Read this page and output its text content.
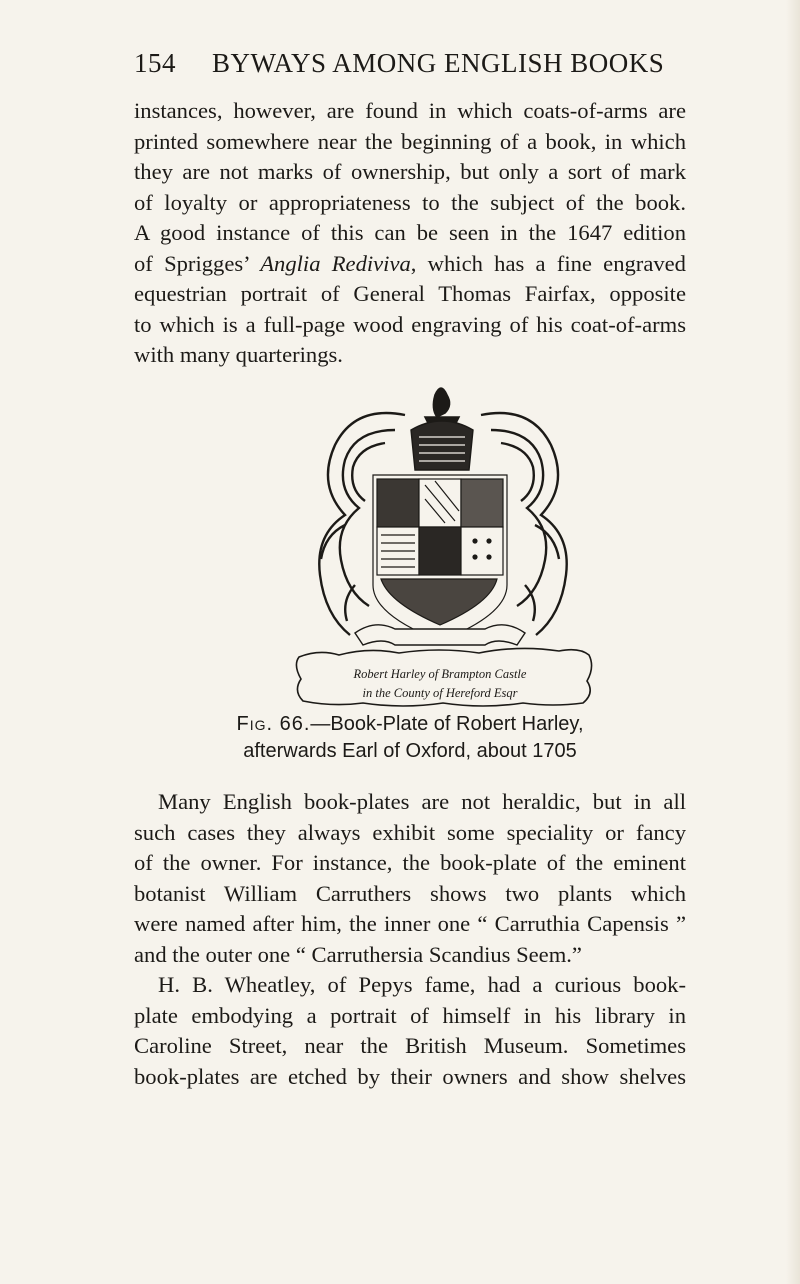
154	BYWAYS AMONG ENGLISH BOOKS

instances, however, are found in which coats-of-arms are
printed somewhere near the beginning of a book, in which
they are not marks of ownership, but only a sort of mark
of loyalty or appropriateness to the subject of the book.
A good instance of this can be seen in the 1647 edition
of Sprigges’ Anglia Rediviva, which has a fine engraved
equestrian portrait of General Thomas Fairfax, opposite
to which is a full-page wood engraving of his coat-of-arms
with many quarterings.

Robert Harley of Brampton Castle
in the County of Hereford Esqr
Fig. 66.—Book-Plate of Robert Harley,
afterwards Earl of Oxford, about 1705

Many English book-plates are not heraldic, but in all
such cases they always exhibit some speciality or fancy
of the owner. For instance, the book-plate of the eminent
botanist William Carruthers shows two plants which
were named after him, the inner one “ Carruthia Capensis ”
and the outer one “ Carruthersia Scandius Seem.”
H. B. Wheatley, of Pepys fame, had a curious book-
plate embodying a portrait of himself in his library in
Caroline Street, near the British Museum. Sometimes
book-plates are etched by their owners and show shelves
